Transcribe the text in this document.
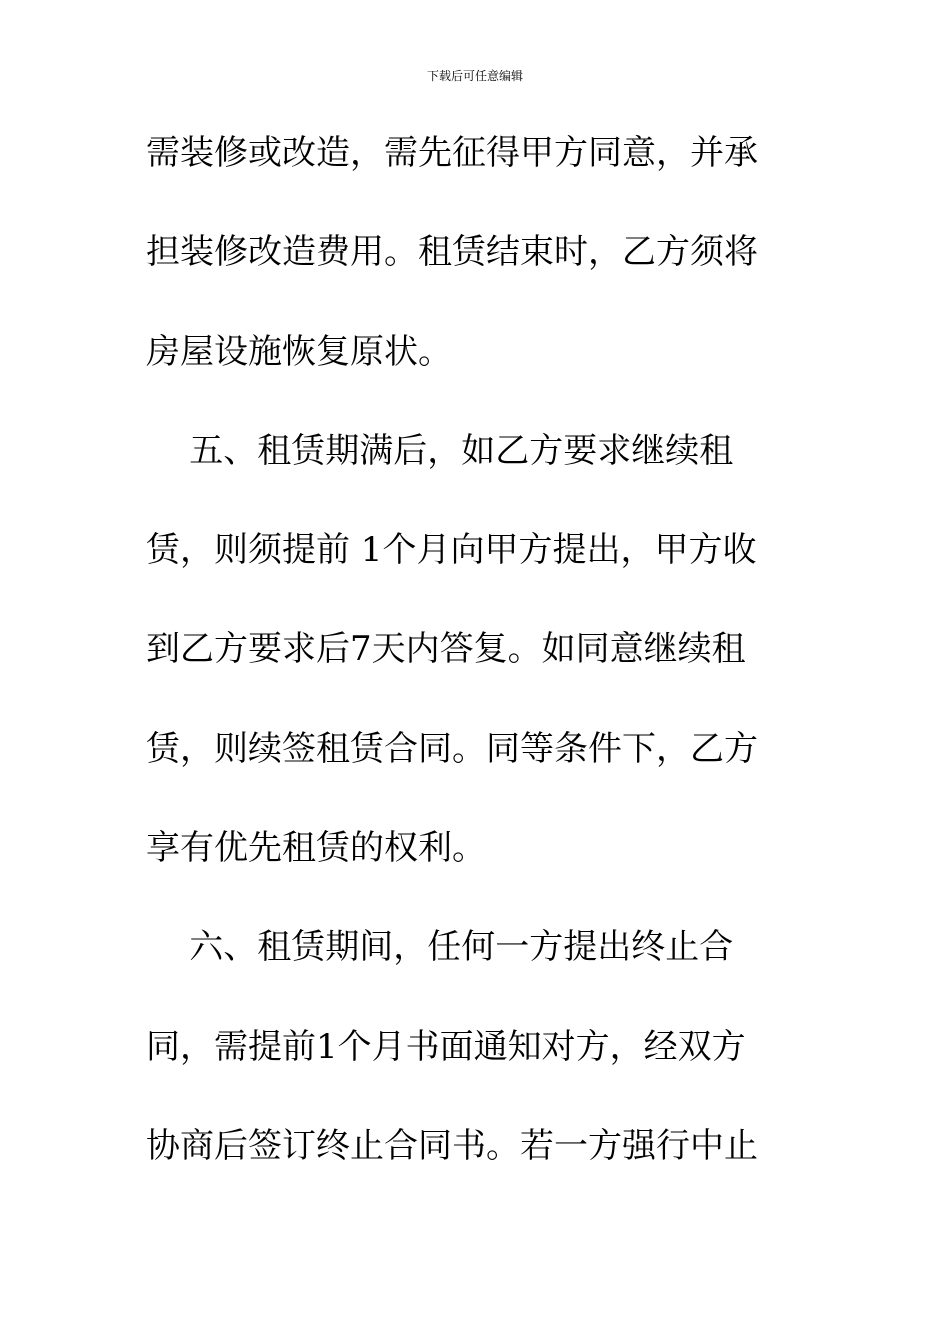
下载后可任意编辑
需装修或改造，需先征得甲方同意，并承
担装修改造费用。租赁结束时，乙方须将
房屋设施恢复原状。
五、租赁期满后，如乙方要求继续租
赁，则须提前 1个月向甲方提出，甲方收
到乙方要求后7天内答复。如同意继续租
赁，则续签租赁合同。同等条件下，乙方
享有优先租赁的权利。
六、租赁期间，任何一方提出终止合
同，需提前1个月书面通知对方，经双方
协商后签订终止合同书。若一方强行中止
